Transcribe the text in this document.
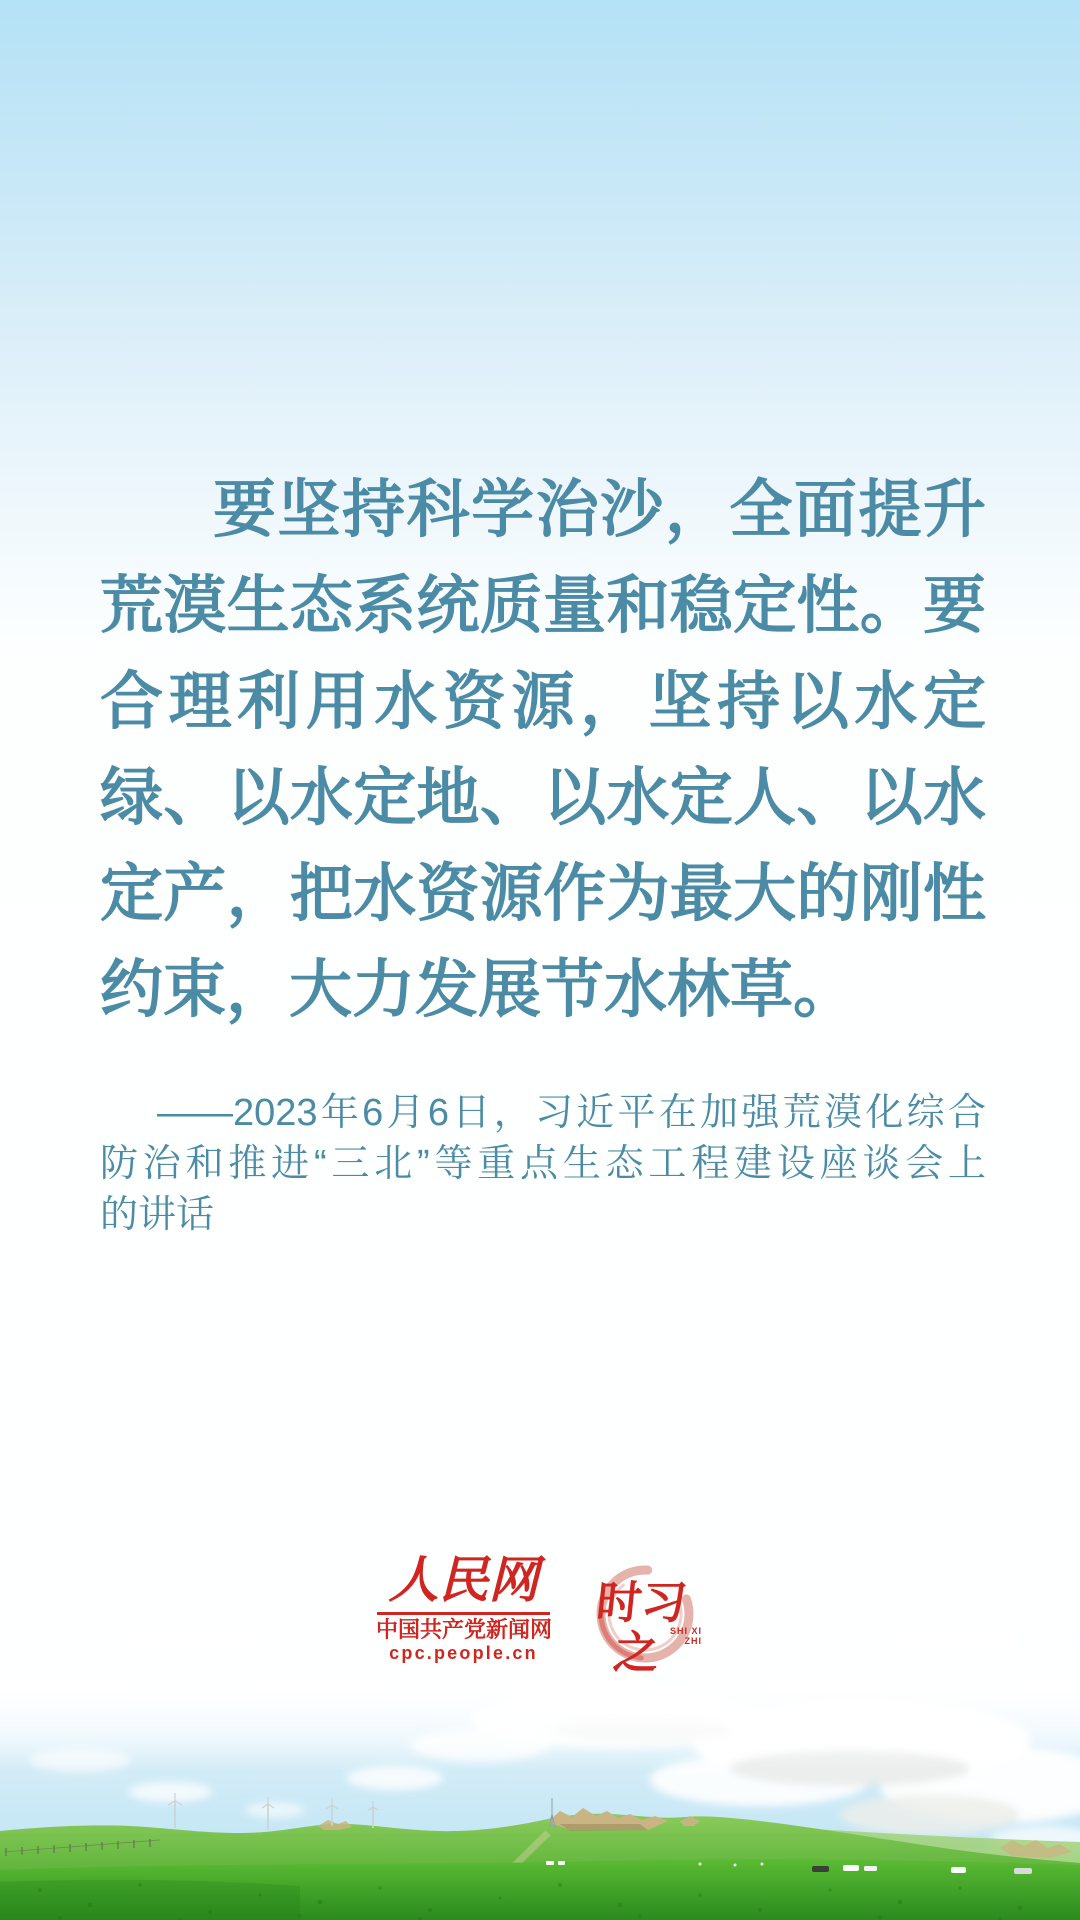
要坚持科学治沙，全面提升
荒漠生态系统质量和稳定性。要
合理利用水资源，坚持以水定
绿、以水定地、以水定人、以水
定产，把水资源作为最大的刚性
约束，大力发展节水林草。
——2023年6月6日，习近平在加强荒漠化综合
防治和推进“三北”等重点生态工程建设座谈会上
的讲话
人民网
中国共产党新闻网
cpc.people.cn
时习之 SHI XI ZHI
